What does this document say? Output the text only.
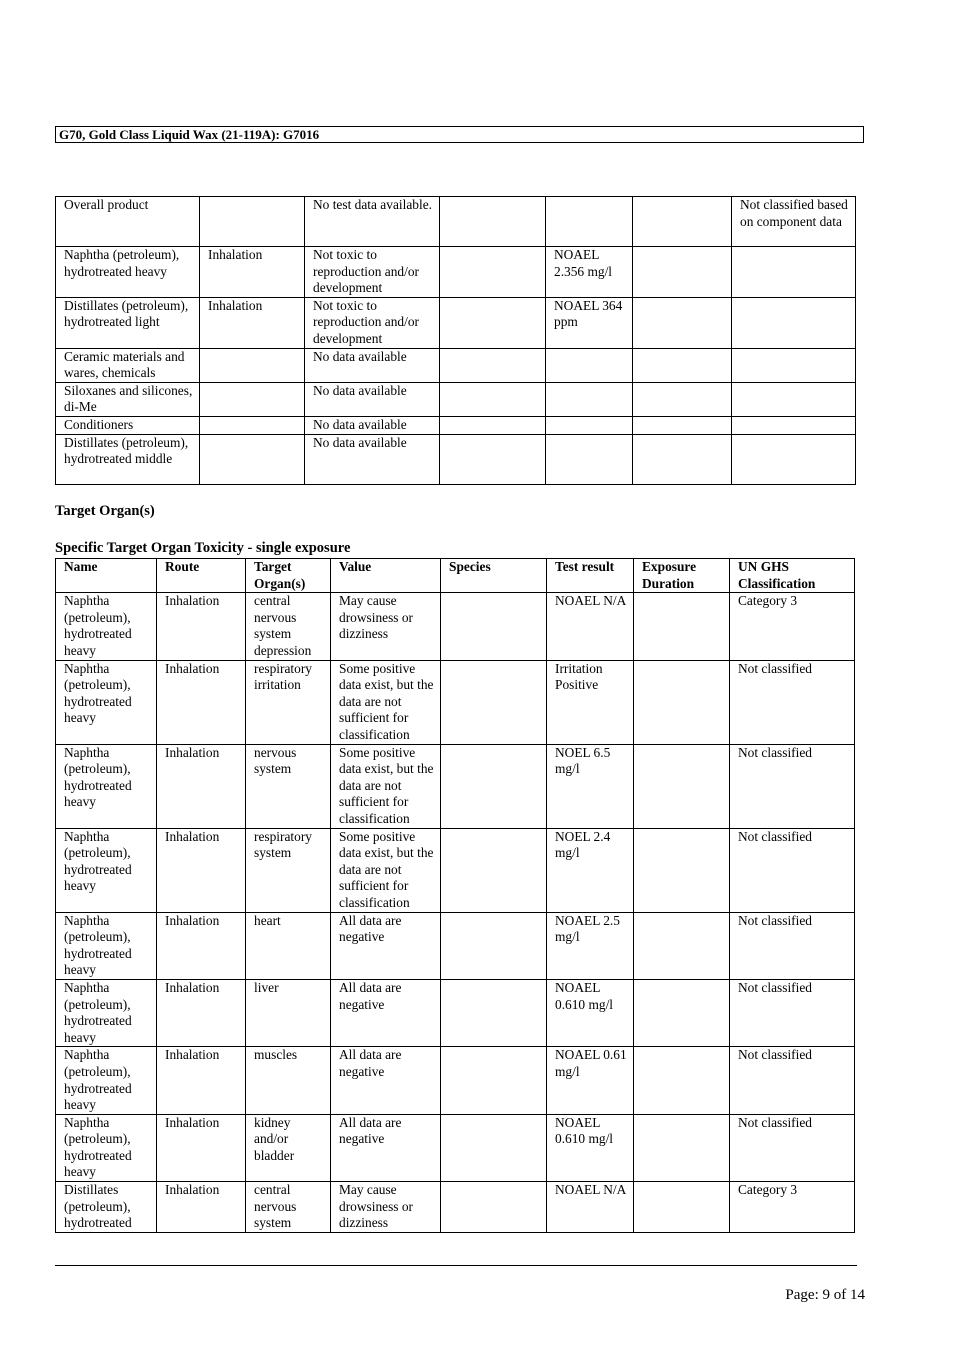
G70, Gold Class Liquid Wax (21-119A): G7016
Overall product		No test data available.				Not classified based on component data
Naphtha (petroleum), hydrotreated heavy	Inhalation	Not toxic to reproduction and/or development		NOAEL 2.356 mg/l		
Distillates (petroleum), hydrotreated light	Inhalation	Not toxic to reproduction and/or development		NOAEL 364 ppm		
Ceramic materials and wares, chemicals		No data available				
Siloxanes and silicones, di-Me		No data available				
Conditioners		No data available				
Distillates (petroleum), hydrotreated middle		No data available				
Target Organ(s)
Specific Target Organ Toxicity - single exposure
Name	Route	Target Organ(s)	Value	Species	Test result	Exposure Duration	UN GHS Classification
Naphtha (petroleum), hydrotreated heavy	Inhalation	central nervous system depression	May cause drowsiness or dizziness		NOAEL N/A		Category 3
Naphtha (petroleum), hydrotreated heavy	Inhalation	respiratory irritation	Some positive data exist, but the data are not sufficient for classification		Irritation Positive		Not classified
Naphtha (petroleum), hydrotreated heavy	Inhalation	nervous system	Some positive data exist, but the data are not sufficient for classification		NOEL 6.5 mg/l		Not classified
Naphtha (petroleum), hydrotreated heavy	Inhalation	respiratory system	Some positive data exist, but the data are not sufficient for classification		NOEL 2.4 mg/l		Not classified
Naphtha (petroleum), hydrotreated heavy	Inhalation	heart	All data are negative		NOAEL 2.5 mg/l		Not classified
Naphtha (petroleum), hydrotreated heavy	Inhalation	liver	All data are negative		NOAEL 0.610 mg/l		Not classified
Naphtha (petroleum), hydrotreated heavy	Inhalation	muscles	All data are negative		NOAEL 0.61 mg/l		Not classified
Naphtha (petroleum), hydrotreated heavy	Inhalation	kidney and/or bladder	All data are negative		NOAEL 0.610 mg/l		Not classified
Distillates (petroleum), hydrotreated	Inhalation	central nervous system	May cause drowsiness or dizziness		NOAEL N/A		Category 3
Page: 9 of 14
